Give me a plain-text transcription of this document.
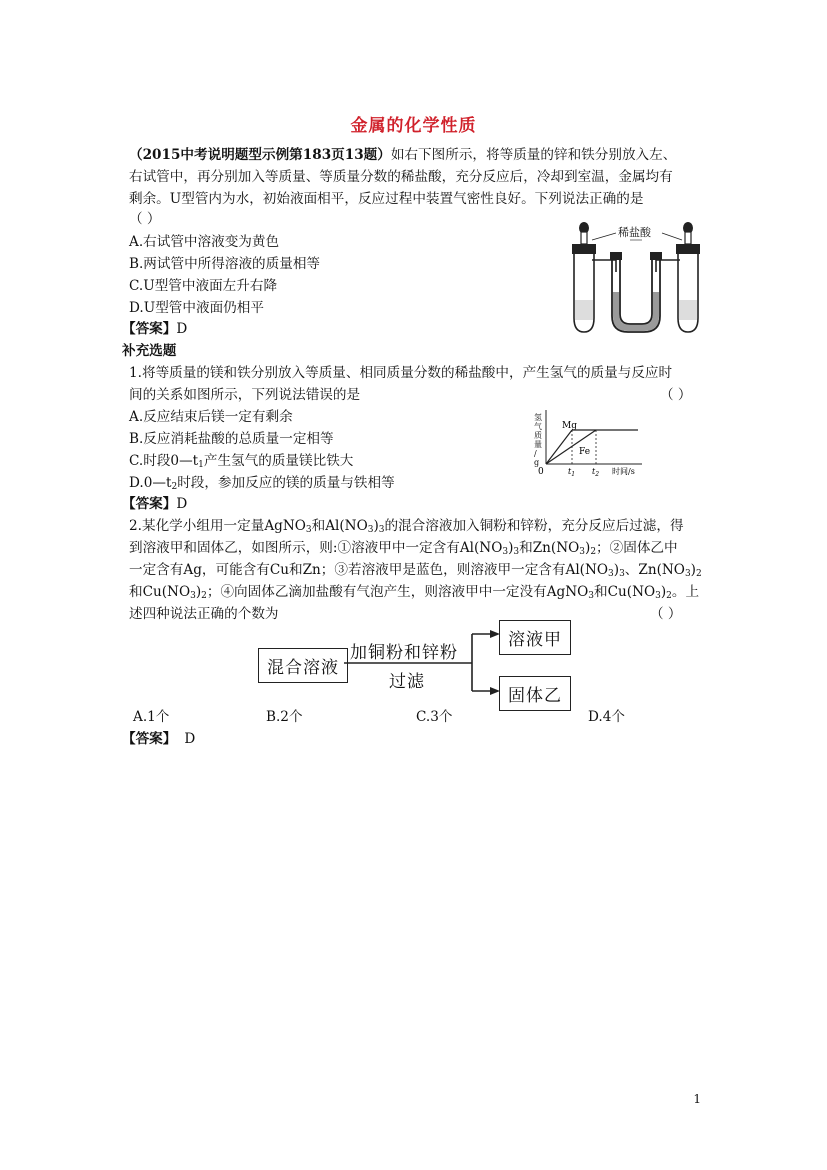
金属的化学性质
（2015中考说明题型示例第183页13题）如右下图所示，将等质量的锌和铁分别放入左、
右试管中，再分别加入等质量、等质量分数的稀盐酸，充分反应后，冷却到室温，金属均有
剩余。U型管内为水，初始液面相平，反应过程中装置气密性良好。下列说法正确的是
（ ）
A.右试管中溶液变为黄色
B.两试管中所得溶液的质量相等
C.U型管中液面左升右降
D.U型管中液面仍相平
【答案】D
稀盐酸
补充选题
1.将等质量的镁和铁分别放入等质量、相同质量分数的稀盐酸中，产生氢气的质量与反应时
间的关系如图所示，下列说法错误的是	（ ）
A.反应结束后镁一定有剩余
B.反应消耗盐酸的总质量一定相等
C.时段$0—t_1$产生氢气的质量镁比铁大
$D.0—t_2$时段，参加反应的镁的质量与铁相等
【答案】D
氢气质量/ g
Mg
Fe
0	$t_1$ $t_2$ 时间/s
2.某化学小组用一定量AgNO$_3$和$Al(NO_3)_3$的混合溶液加入铜粉和锌粉，充分反应后过滤，得
到溶液甲和固体乙，如图所示，则:①溶液甲中一定含有$Al(NO_3)_3$和$Zn(NO_3)_2$；②固体乙中
一定含有Ag，可能含有Cu和Zn；③若溶液甲是蓝色，则溶液甲一定含有$Al(NO_3)_3$、$Zn(NO_3)_2$
和$Cu(NO_3)_2$；④向固体乙滴加盐酸有气泡产生，则溶液甲中一定没有AgNO$_3$和$Cu(NO_3)_2$。上
述四种说法正确的个数为	（ ）
混合溶液
加铜粉和锌粉
过滤
溶液甲
固体乙
A.1个	B.2个	C.3个	D.4个
【答案】 D
1
